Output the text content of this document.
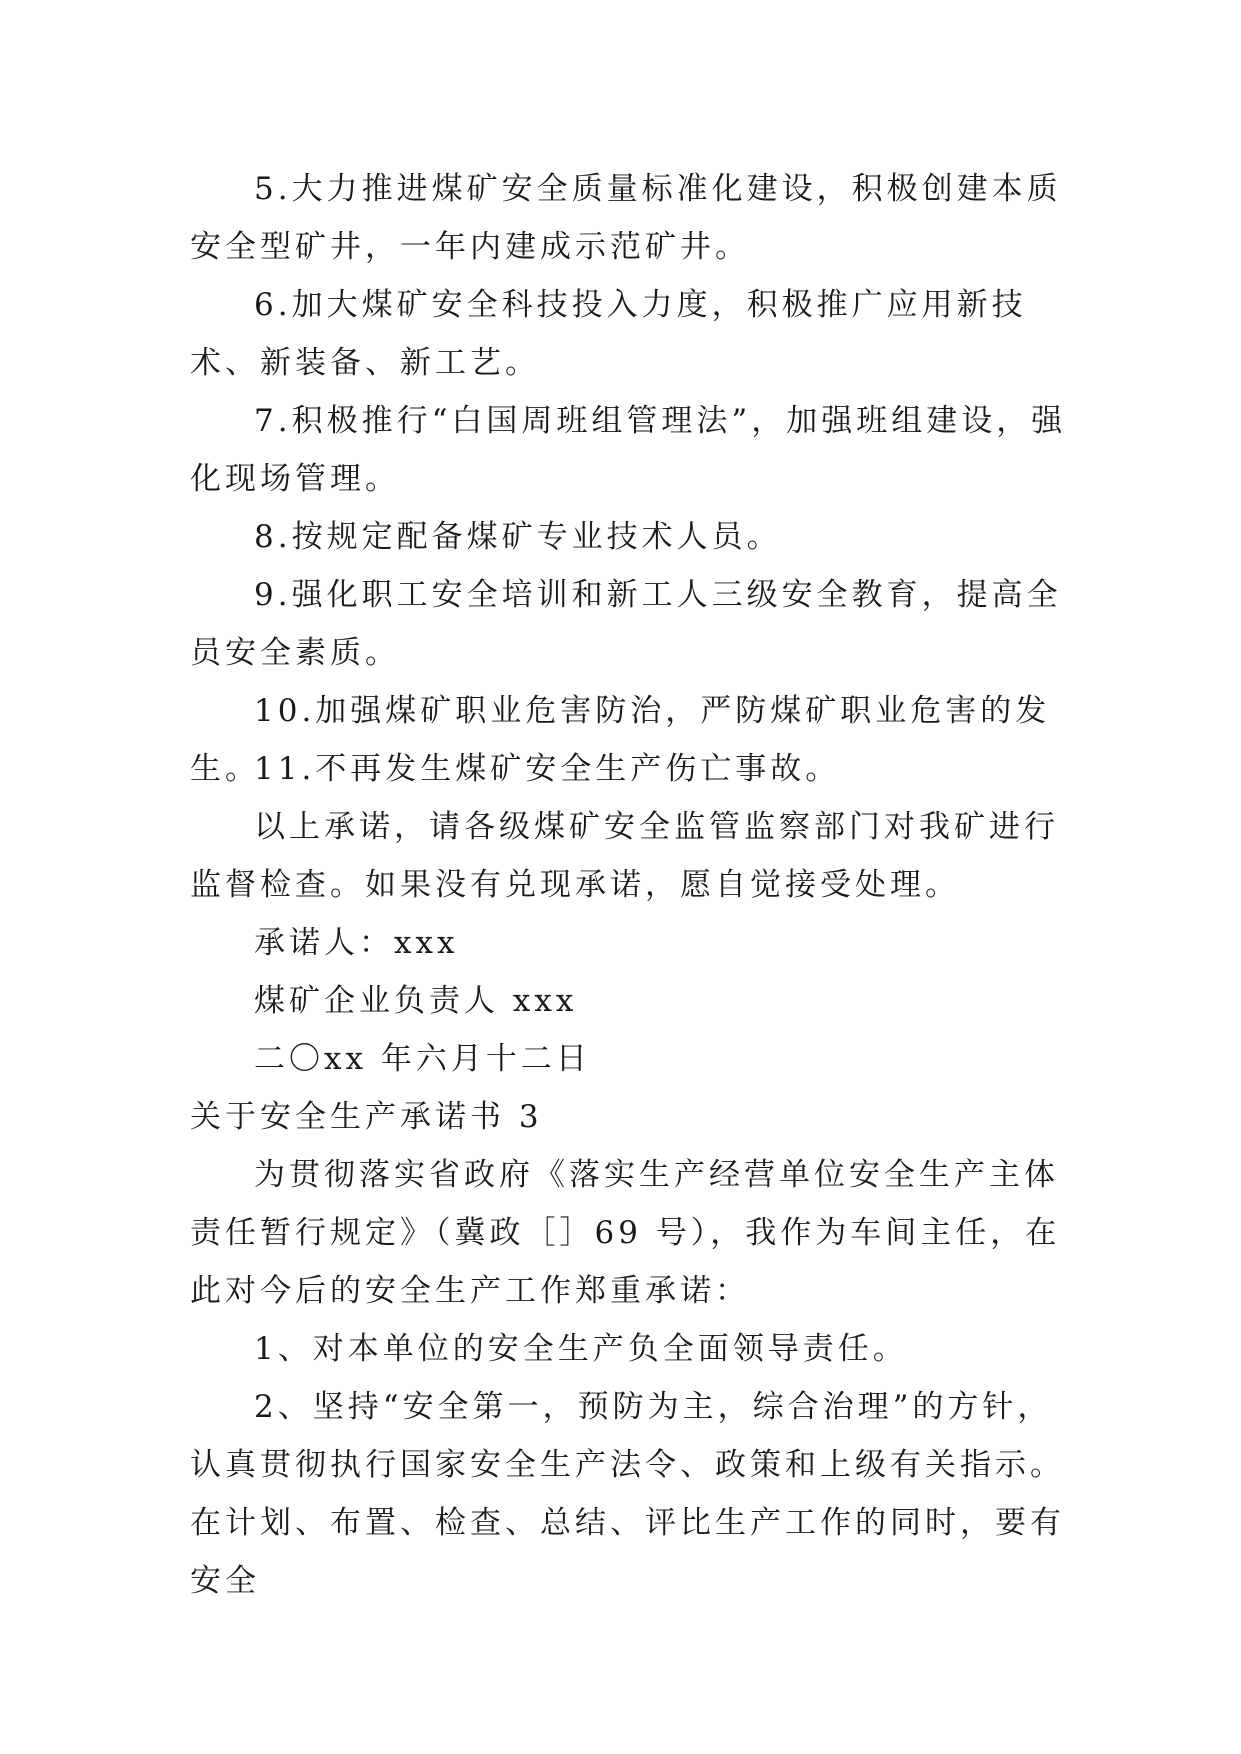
5.大力推进煤矿安全质量标准化建设，积极创建本质安全型矿井，一年内建成示范矿井。

6.加大煤矿安全科技投入力度，积极推广应用新技术、新装备、新工艺。

7.积极推行“白国周班组管理法”，加强班组建设，强化现场管理。

8.按规定配备煤矿专业技术人员。

9.强化职工安全培训和新工人三级安全教育，提高全员安全素质。

10.加强煤矿职业危害防治，严防煤矿职业危害的发生。

11.不再发生煤矿安全生产伤亡事故。

以上承诺，请各级煤矿安全监管监察部门对我矿进行监督检查。如果没有兑现承诺，愿自觉接受处理。

承诺人：xxx

煤矿企业负责人 xxx

二〇xx 年六月十二日

关于安全生产承诺书 3

为贯彻落实省政府《落实生产经营单位安全生产主体责任暂行规定》（冀政［］69 号），我作为车间主任，在此对今后的安全生产工作郑重承诺：

1、对本单位的安全生产负全面领导责任。

2、坚持“安全第一，预防为主，综合治理”的方针，认真贯彻执行国家安全生产法令、政策和上级有关指示。在计划、布置、检查、总结、评比生产工作的同时，要有安全
